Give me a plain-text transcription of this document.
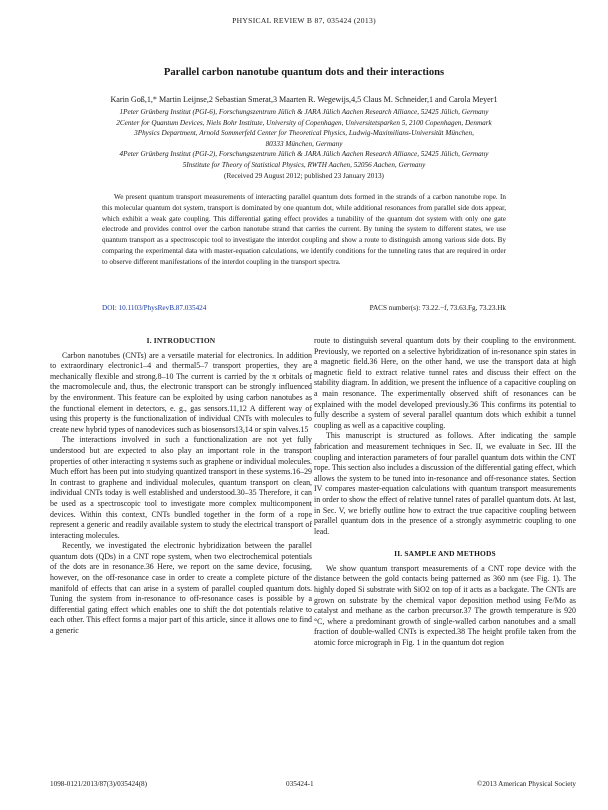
PHYSICAL REVIEW B 87, 035424 (2013)
Parallel carbon nanotube quantum dots and their interactions
Karin Goß,1,* Martin Leijnse,2 Sebastian Smerat,3 Maarten R. Wegewijs,4,5 Claus M. Schneider,1 and Carola Meyer1
1Peter Grünberg Institut (PGI-6), Forschungszentrum Jülich & JARA Jülich Aachen Research Alliance, 52425 Jülich, Germany
2Center for Quantum Devices, Niels Bohr Institute, University of Copenhagen, Universitetsparken 5, 2100 Copenhagen, Denmark
3Physics Department, Arnold Sommerfeld Center for Theoretical Physics, Ludwig-Maximilians-Universität München,
80333 München, Germany
4Peter Grünberg Institut (PGI-2), Forschungszentrum Jülich & JARA Jülich Aachen Research Alliance, 52425 Jülich, Germany
5Institute for Theory of Statistical Physics, RWTH Aachen, 52056 Aachen, Germany
(Received 29 August 2012; published 23 January 2013)

We present quantum transport measurements of interacting parallel quantum dots formed in the strands of a carbon nanotube rope. In this molecular quantum dot system, transport is dominated by one quantum dot, while additional resonances from parallel side dots appear, which exhibit a weak gate coupling. This differential gating effect provides a tunability of the quantum dot system with only one gate electrode and provides control over the carbon nanotube strand that carries the current. By tuning the system to different states, we use quantum transport as a spectroscopic tool to investigate the interdot coupling and show a route to distinguish among various side dots. By comparing the experimental data with master-equation calculations, we identify conditions for the tunneling rates that are required in order to observe different manifestations of the interdot coupling in the transport spectra.

DOI: 10.1103/PhysRevB.87.035424	PACS number(s): 73.22.−f, 73.63.Fg, 73.23.Hk
I. INTRODUCTION

Carbon nanotubes (CNTs) are a versatile material for electronics. In addition to extraordinary electronic1–4 and thermal5–7 transport properties, they are mechanically flexible and strong.8–10 The current is carried by the π orbitals of the macromolecule and, thus, the electronic transport can be strongly influenced by the environment. This feature can be exploited by using carbon nanotubes as the functional element in detectors, e. g., gas sensors.11,12 A different way of using this property is the functionalization of individual CNTs with molecules to create new hybrid types of nanodevices such as biosensors13,14 or spin valves.15

The interactions involved in such a functionalization are not yet fully understood but are expected to also play an important role in the transport properties of other interacting π systems such as graphene or individual molecules. Much effort has been put into studying quantized transport in these systems.16–29 In contrast to graphene and individual molecules, quantum transport on clean, individual CNTs today is well established and understood.30–35 Therefore, it can be used as a spectroscopic tool to investigate more complex multicomponent devices. Within this context, CNTs bundled together in the form of a rope represent a generic and readily available system to study the electrical transport of interacting molecules.

Recently, we investigated the electronic hybridization between the parallel quantum dots (QDs) in a CNT rope system, when two electrochemical potentials of the dots are in resonance.36 Here, we report on the same device, focusing, however, on the off-resonance case in order to create a complete picture of the manifold of effects that can arise in a system of parallel coupled quantum dots. Tuning the system from in-resonance to off-resonance cases is possible by a differential gating effect which enables one to shift the dot potentials relative to each other. This effect forms a major part of this article, since it allows one to find a generic

route to distinguish several quantum dots by their coupling to the environment. Previously, we reported on a selective hybridization of in-resonance spin states in a magnetic field.36 Here, on the other hand, we use the transport data at high magnetic field to extract relative tunnel rates and discuss their effect on the stability diagram. In addition, we present the influence of a capacitive coupling on a main resonance. The experimentally observed shift of resonances can be explained with the model developed previously.36 This confirms its potential to fully describe a system of several parallel quantum dots which exhibit a tunnel coupling as well as a capacitive coupling.

This manuscript is structured as follows. After indicating the sample fabrication and measurement techniques in Sec. II, we evaluate in Sec. III the coupling and interaction parameters of four parallel quantum dots within the CNT rope. This section also includes a discussion of the differential gating effect, which allows the system to be tuned into in-resonance and off-resonance states. Section IV compares master-equation calculations with quantum transport measurements in order to show the effect of relative tunnel rates of parallel quantum dots. At last, in Sec. V, we briefly outline how to extract the true capacitive coupling between parallel quantum dots in the presence of a strongly asymmetric coupling to one lead.

II. SAMPLE AND METHODS

We show quantum transport measurements of a CNT rope device with the distance between the gold contacts being patterned as 360 nm (see Fig. 1). The highly doped Si substrate with SiO2 on top of it acts as a backgate. The CNTs are grown on substrate by the chemical vapor deposition method using Fe/Mo as catalyst and methane as the carbon precursor.37 The growth temperature is 920 °C, where a predominant growth of single-walled carbon nanotubes and a small fraction of double-walled CNTs is expected.38 The height profile taken from the atomic force micrograph in Fig. 1 in the quantum dot region

1098-0121/2013/87(3)/035424(8)	035424-1	©2013 American Physical Society
